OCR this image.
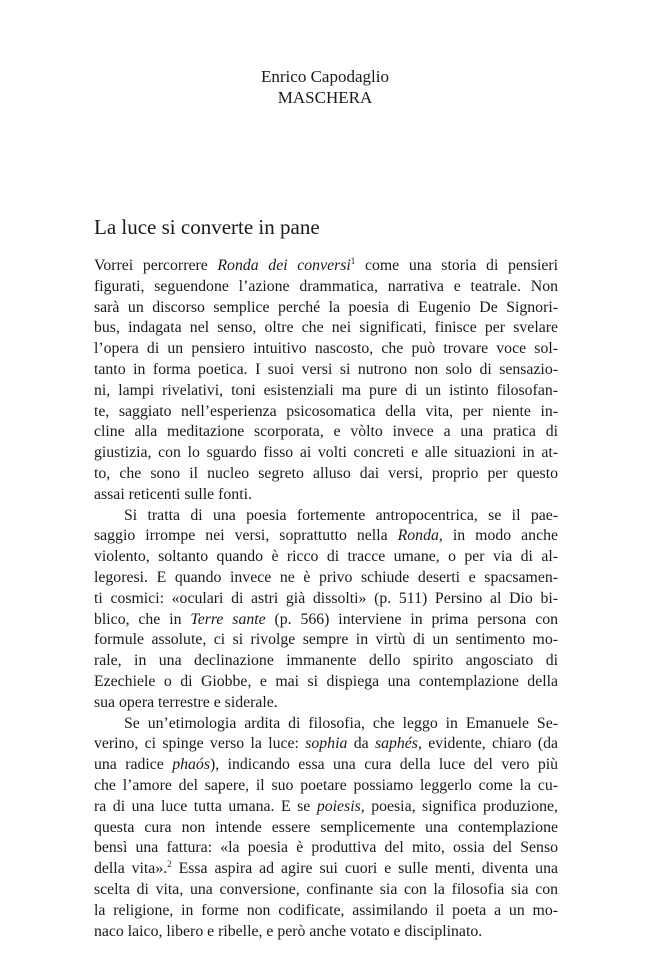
Enrico Capodaglio
MASCHERA
La luce si converte in pane
Vorrei percorrere Ronda dei conversi$^1$ come una storia di pensieri
figurati, seguendone l’azione drammatica, narrativa e teatrale. Non
sarà un discorso semplice perché la poesia di Eugenio De Signori-
bus, indagata nel senso, oltre che nei significati, finisce per svelare
l’opera di un pensiero intuitivo nascosto, che può trovare voce sol-
tanto in forma poetica. I suoi versi si nutrono non solo di sensazio-
ni, lampi rivelativi, toni esistenziali ma pure di un istinto filosofan-
te, saggiato nell’esperienza psicosomatica della vita, per niente in-
cline alla meditazione scorporata, e vòlto invece a una pratica di
giustizia, con lo sguardo fisso ai volti concreti e alle situazioni in at-
to, che sono il nucleo segreto alluso dai versi, proprio per questo
assai reticenti sulle fonti.
Si tratta di una poesia fortemente antropocentrica, se il pae-
saggio irrompe nei versi, soprattutto nella Ronda, in modo anche
violento, soltanto quando è ricco di tracce umane, o per via di al-
legoresi. E quando invece ne è privo schiude deserti e spacsamen-
ti cosmici: «oculari di astri già dissolti» (p. 511) Persino al Dio bi-
blico, che in Terre sante (p. 566) interviene in prima persona con
formule assolute, ci si rivolge sempre in virtù di un sentimento mo-
rale, in una declinazione immanente dello spirito angosciato di
Ezechiele o di Giobbe, e mai si dispiega una contemplazione della
sua opera terrestre e siderale.
Se un’etimologia ardita di filosofia, che leggo in Emanuele Se-
verino, ci spinge verso la luce: sophia da saphés, evidente, chiaro (da
una radice phaós), indicando essa una cura della luce del vero più
che l’amore del sapere, il suo poetare possiamo leggerlo come la cu-
ra di una luce tutta umana. E se poiesis, poesia, significa produzione,
questa cura non intende essere semplicemente una contemplazione
bensì una fattura: «la poesia è produttiva del mito, ossia del Senso
della vita».$^2$ Essa aspira ad agire sui cuori e sulle menti, diventa una
scelta di vita, una conversione, confinante sia con la filosofia sia con
la religione, in forme non codificate, assimilando il poeta a un mo-
naco laico, libero e ribelle, e però anche votato e disciplinato.
